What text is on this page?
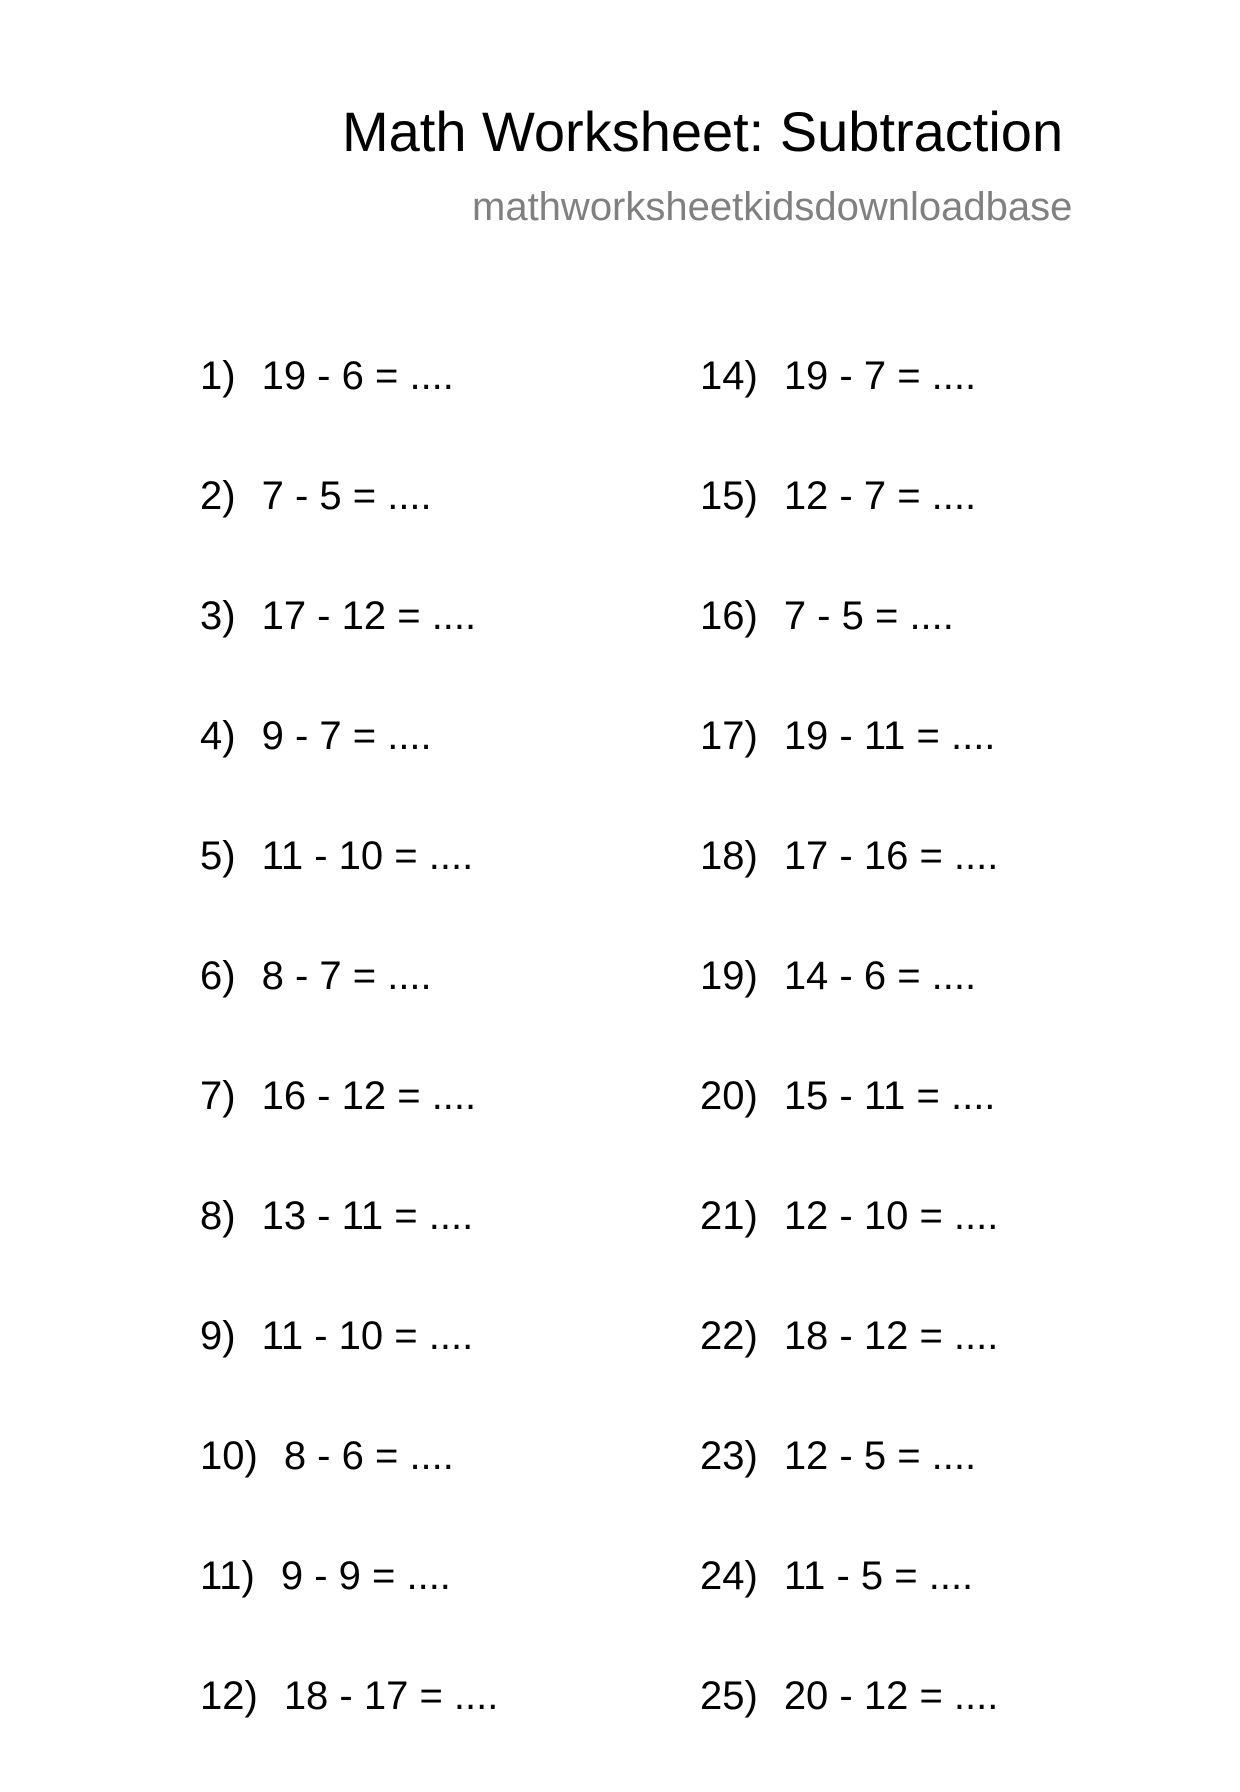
Math Worksheet: Subtraction
mathworksheetkidsdownloadbase
1) 19 - 6 = ....
2) 7 - 5 = ....
3) 17 - 12 = ....
4) 9 - 7 = ....
5) 11 - 10 = ....
6) 8 - 7 = ....
7) 16 - 12 = ....
8) 13 - 11 = ....
9) 11 - 10 = ....
10) 8 - 6 = ....
11) 9 - 9 = ....
12) 18 - 17 = ....
14) 19 - 7 = ....
15) 12 - 7 = ....
16) 7 - 5 = ....
17) 19 - 11 = ....
18) 17 - 16 = ....
19) 14 - 6 = ....
20) 15 - 11 = ....
21) 12 - 10 = ....
22) 18 - 12 = ....
23) 12 - 5 = ....
24) 11 - 5 = ....
25) 20 - 12 = ....
